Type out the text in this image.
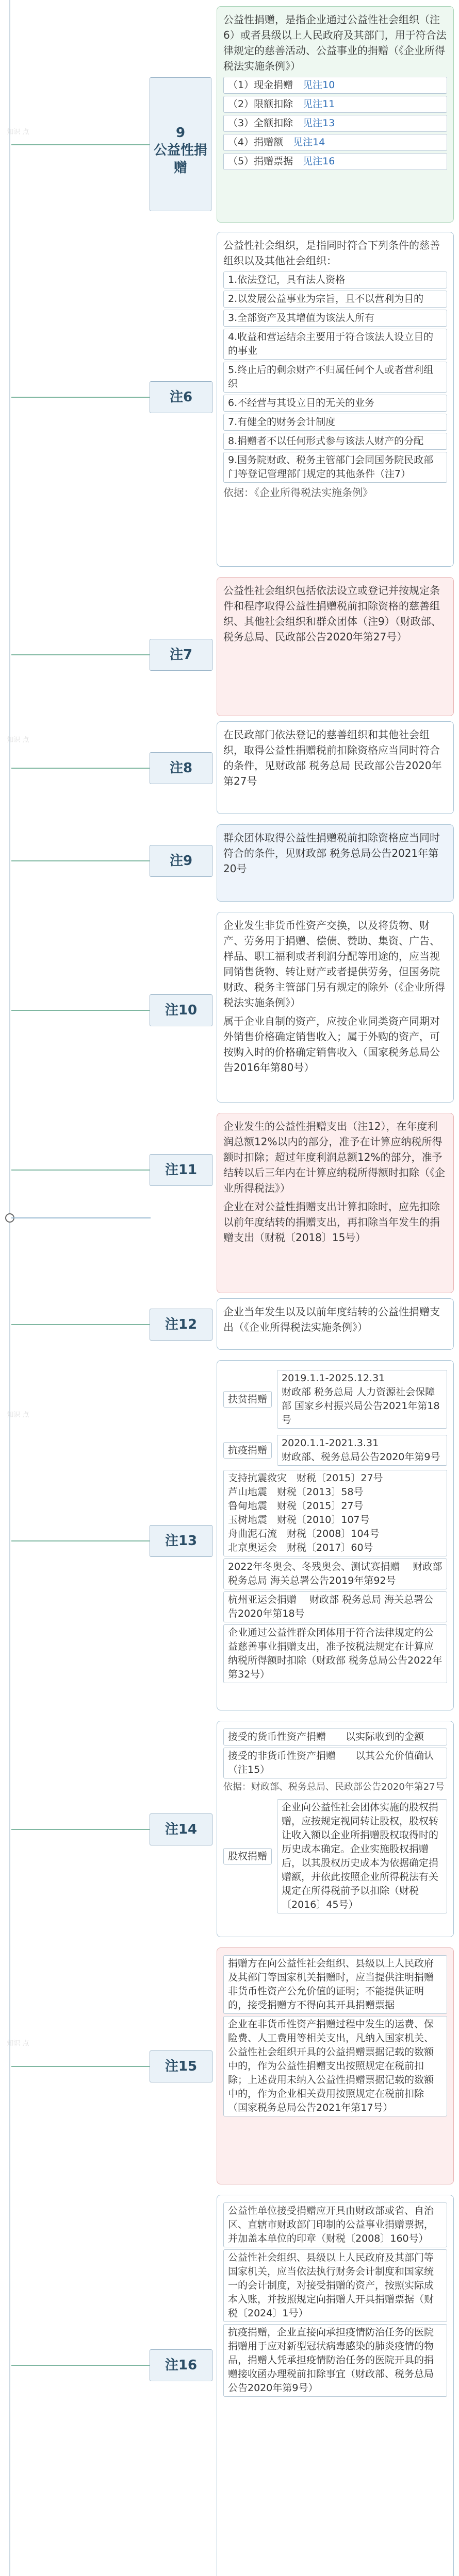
知识 点
知识 点
知识 点
知识 点
9
公益性捐赠

公益性捐赠，是指企业通过公益性社会组织（注6）或者县级以上人民政府及其部门，用于符合法律规定的慈善活动、公益事业的捐赠（《企业所得税法实施条例》）

（1）现金捐赠　见注10
（2）限额扣除　见注11
（3）全额扣除　见注13
（4）捐赠额　见注14
（5）捐赠票据　见注16
注6

公益性社会组织，是指同时符合下列条件的慈善组织以及其他社会组织：

1.依法登记，具有法人资格
2.以发展公益事业为宗旨，且不以营利为目的
3.全部资产及其增值为该法人所有
4.收益和营运结余主要用于符合该法人设立目的的事业
5.终止后的剩余财产不归属任何个人或者营利组织
6.不经营与其设立目的无关的业务
7.有健全的财务会计制度
8.捐赠者不以任何形式参与该法人财产的分配
9.国务院财政、税务主管部门会同国务院民政部门等登记管理部门规定的其他条件（注7）

依据：《企业所得税法实施条例》

注7

公益性社会组织包括依法设立或登记并按规定条件和程序取得公益性捐赠税前扣除资格的慈善组织、其他社会组织和群众团体（注9）（财政部、税务总局、民政部公告2020年第27号）

注8

在民政部门依法登记的慈善组织和其他社会组织，取得公益性捐赠税前扣除资格应当同时符合的条件，见财政部 税务总局 民政部公告2020年第27号

注9

群众团体取得公益性捐赠税前扣除资格应当同时符合的条件，见财政部 税务总局公告2021年第20号

注10

企业发生非货币性资产交换，以及将货物、财产、劳务用于捐赠、偿债、赞助、集资、广告、样品、职工福利或者利润分配等用途的，应当视同销售货物、转让财产或者提供劳务，但国务院财政、税务主管部门另有规定的除外（《企业所得税法实施条例》）

属于企业自制的资产，应按企业同类资产同期对外销售价格确定销售收入；属于外购的资产，可按购入时的价格确定销售收入（国家税务总局公告2016年第80号）

注11

企业发生的公益性捐赠支出（注12），在年度利润总额12%以内的部分，准予在计算应纳税所得额时扣除；超过年度利润总额12%的部分，准予结转以后三年内在计算应纳税所得额时扣除（《企业所得税法》）

企业在对公益性捐赠支出计算扣除时，应先扣除以前年度结转的捐赠支出，再扣除当年发生的捐赠支出（财税〔2018〕15号）

注12

企业当年发生以及以前年度结转的公益性捐赠支出（《企业所得税法实施条例》）

注13
扶贫捐赠
2019.1.1-2025.12.31
财政部 税务总局 人力资源社会保障部 国家乡村振兴局公告2021年第18号
抗疫捐赠
2020.1.1-2021.3.31
财政部、税务总局公告2020年第9号
支持抗震救灾　财税〔2015〕27号
芦山地震　财税〔2013〕58号
鲁甸地震　财税〔2015〕27号
玉树地震　财税〔2010〕107号
舟曲泥石流　财税〔2008〕104号
北京奥运会　财税〔2017〕60号
2022年冬奥会、冬残奥会、测试赛捐赠　 财政部 税务总局 海关总署公告2019年第92号
杭州亚运会捐赠　 财政部 税务总局 海关总署公告2020年第18号
企业通过公益性群众团体用于符合法律规定的公益慈善事业捐赠支出，准予按税法规定在计算应纳税所得额时扣除（财政部 税务总局公告2022年第32号）
注14
接受的货币性资产捐赠　　以实际收到的金额
接受的非货币性资产捐赠　　以其公允价值确认（注15）
依据：财政部、税务总局、民政部公告2020年第27号
股权捐赠
企业向公益性社会团体实施的股权捐赠，应按规定视同转让股权，股权转让收入额以企业所捐赠股权取得时的历史成本确定。企业实施股权捐赠后，以其股权历史成本为依据确定捐赠额，并依此按照企业所得税法有关规定在所得税前予以扣除（财税〔2016〕45号）
注15
捐赠方在向公益性社会组织、县级以上人民政府及其部门等国家机关捐赠时，应当提供注明捐赠非货币性资产公允价值的证明；不能提供证明的，接受捐赠方不得向其开具捐赠票据
企业在非货币性资产捐赠过程中发生的运费、保险费、人工费用等相关支出，凡纳入国家机关、公益性社会组织开具的公益捐赠票据记载的数额中的，作为公益性捐赠支出按照规定在税前扣除；上述费用未纳入公益性捐赠票据记载的数额中的，作为企业相关费用按照规定在税前扣除（国家税务总局公告2021年第17号）
注16
公益性单位接受捐赠应开具由财政部或省、自治区、直辖市财政部门印制的公益事业捐赠票据，并加盖本单位的印章（财税〔2008〕160号）
公益性社会组织、县级以上人民政府及其部门等国家机关，应当依法执行财务会计制度和国家统一的会计制度，对接受捐赠的资产，按照实际成本入账，并按照规定向捐赠人开具捐赠票据（财税〔2024〕1号）
抗疫捐赠，企业直接向承担疫情防治任务的医院捐赠用于应对新型冠状病毒感染的肺炎疫情的物品，捐赠人凭承担疫情防治任务的医院开具的捐赠接收函办理税前扣除事宜（财政部、税务总局公告2020年第9号）
